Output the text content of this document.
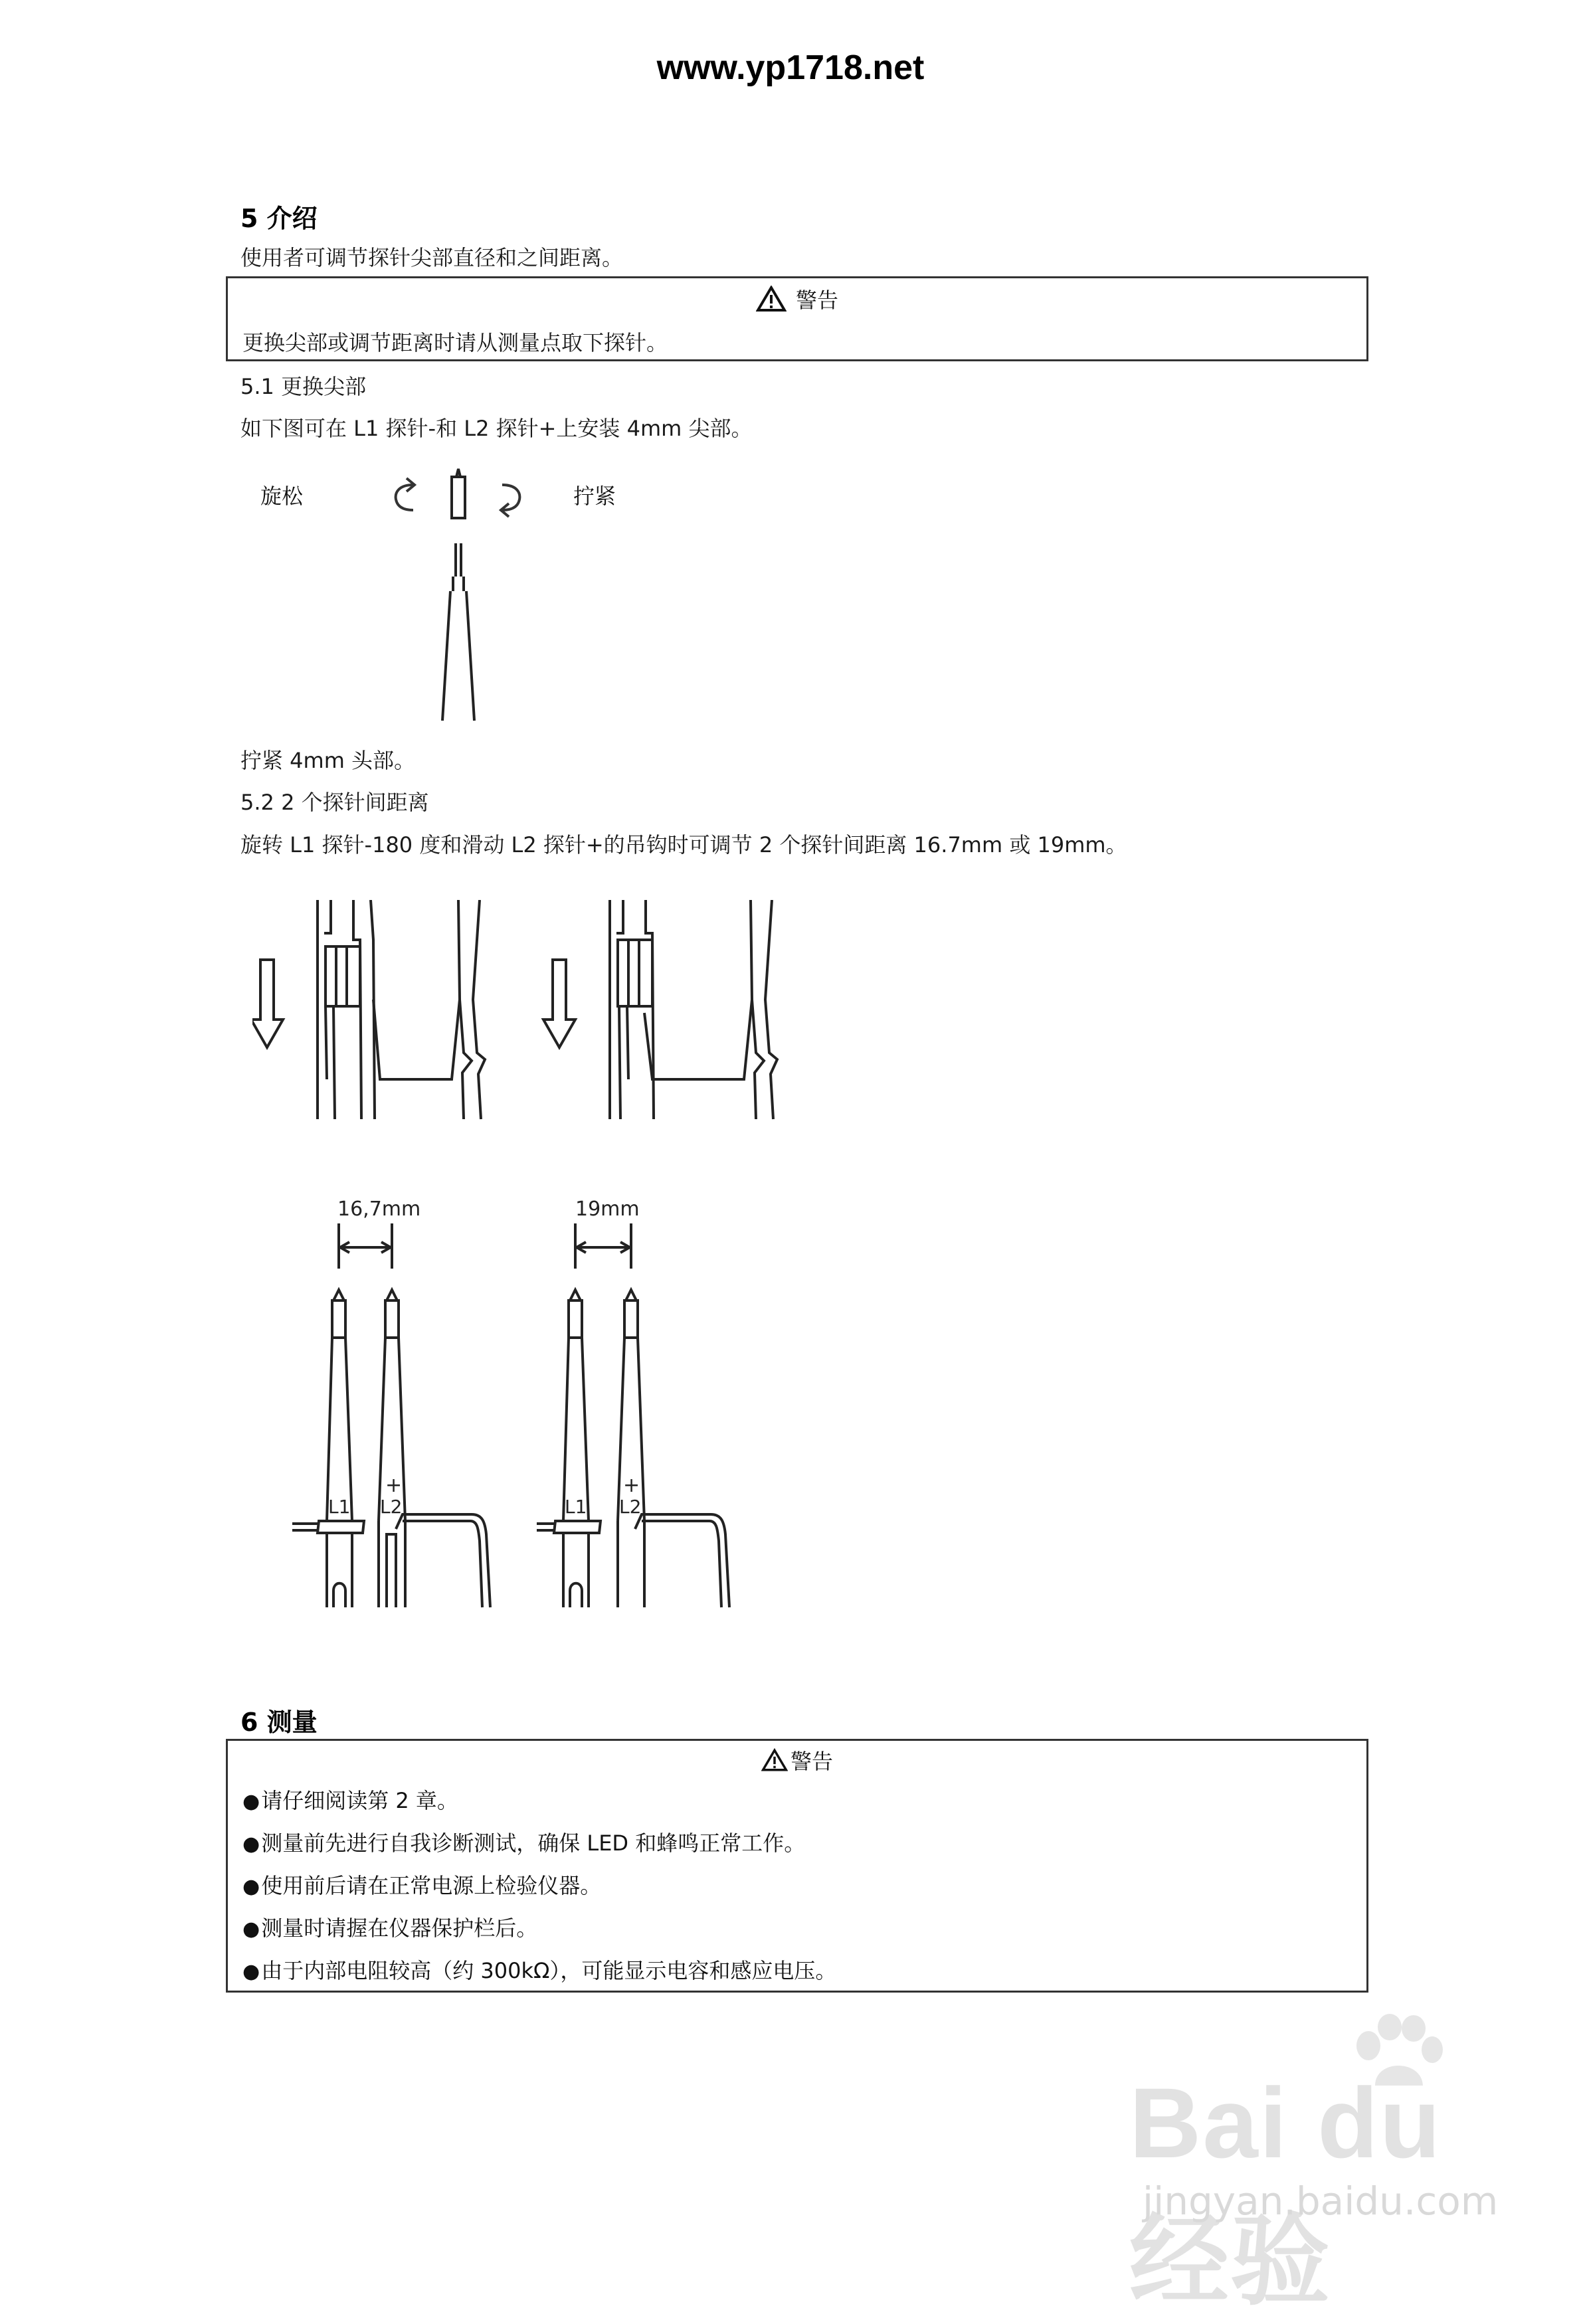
www.yp1718.net
5 介绍
使用者可调节探针尖部直径和之间距离。
警告
更换尖部或调节距离时请从测量点取下探针。
5.1 更换尖部
如下图可在 L1 探针-和 L2 探针+上安装 4mm 尖部。
旋松	拧紧
拧紧 4mm 头部。
5.2 2 个探针间距离
旋转 L1 探针-180 度和滑动 L2 探针+的吊钩时可调节 2 个探针间距离 16.7mm 或 19mm。
16,7mm
L1
+
L2
19mm
L1
+
L2
6 测量
警告
● 请仔细阅读第 2 章。
● 测量前先进行自我诊断测试，确保 LED 和蜂鸣正常工作。
● 使用前后请在正常电源上检验仪器。
● 测量时请握在仪器保护栏后。
● 由于内部电阻较高（约 300kΩ），可能显示电容和感应电压。
Bai du 经验
jingyan.baidu.com
